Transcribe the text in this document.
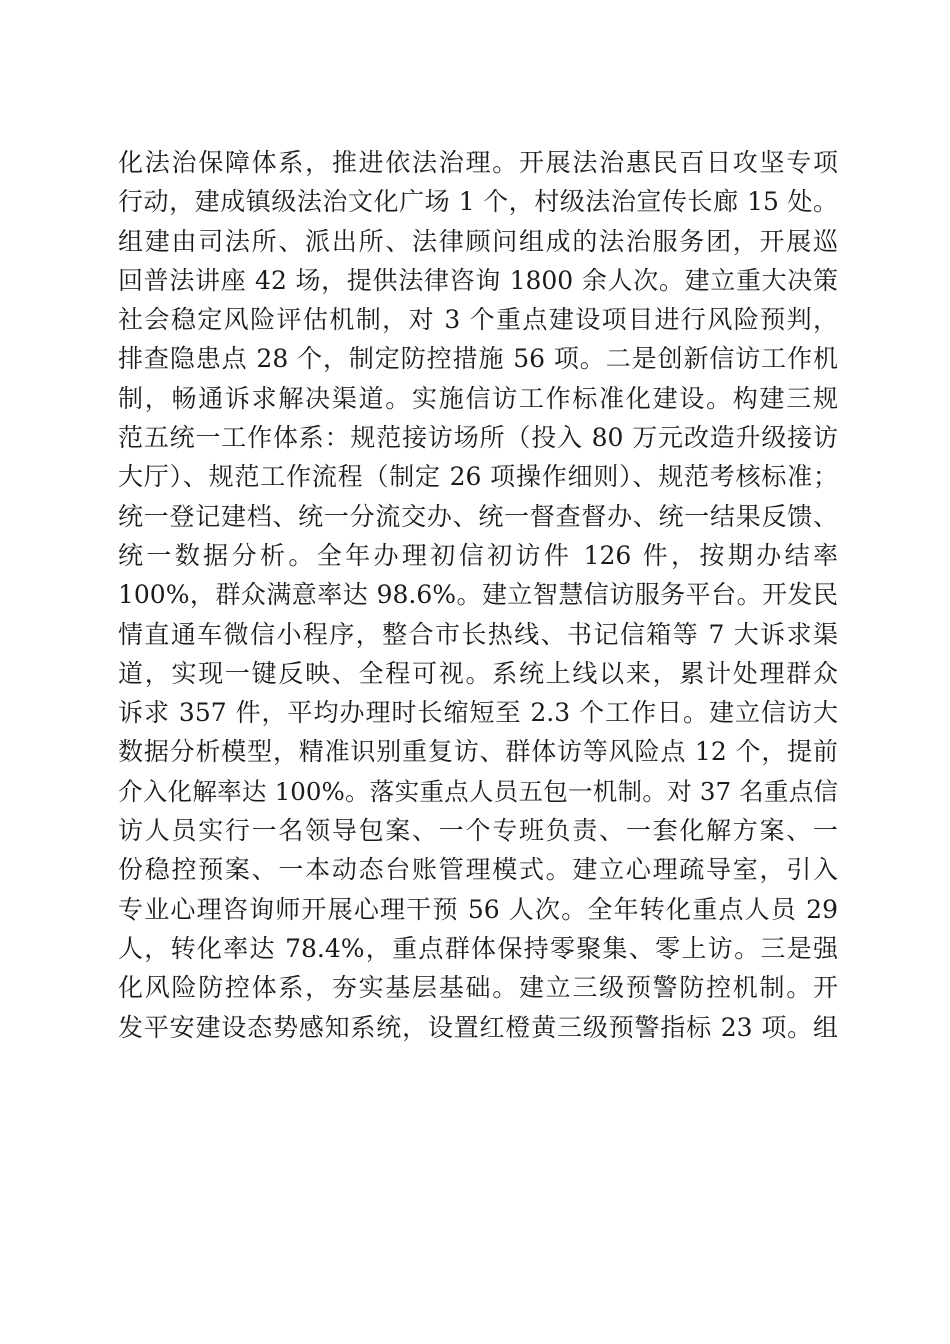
化法治保障体系，推进依法治理。开展法治惠民百日攻坚专项
行动，建成镇级法治文化广场 1 个，村级法治宣传长廊 15 处。
组建由司法所、派出所、法律顾问组成的法治服务团，开展巡
回普法讲座 42 场，提供法律咨询 1800 余人次。建立重大决策
社会稳定风险评估机制，对 3 个重点建设项目进行风险预判，
排查隐患点 28 个，制定防控措施 56 项。二是创新信访工作机
制，畅通诉求解决渠道。实施信访工作标准化建设。构建三规
范五统一工作体系：规范接访场所（投入 80 万元改造升级接访
大厅）、规范工作流程（制定 26 项操作细则）、规范考核标准；
统一登记建档、统一分流交办、统一督查督办、统一结果反馈、
统一数据分析。全年办理初信初访件 126 件，按期办结率
100%，群众满意率达 98.6%。建立智慧信访服务平台。开发民
情直通车微信小程序，整合市长热线、书记信箱等 7 大诉求渠
道，实现一键反映、全程可视。系统上线以来，累计处理群众
诉求 357 件，平均办理时长缩短至 2.3 个工作日。建立信访大
数据分析模型，精准识别重复访、群体访等风险点 12 个，提前
介入化解率达 100%。落实重点人员五包一机制。对 37 名重点信
访人员实行一名领导包案、一个专班负责、一套化解方案、一
份稳控预案、一本动态台账管理模式。建立心理疏导室，引入
专业心理咨询师开展心理干预 56 人次。全年转化重点人员 29
人，转化率达 78.4%，重点群体保持零聚集、零上访。三是强
化风险防控体系，夯实基层基础。建立三级预警防控机制。开
发平安建设态势感知系统，设置红橙黄三级预警指标 23 项。组
